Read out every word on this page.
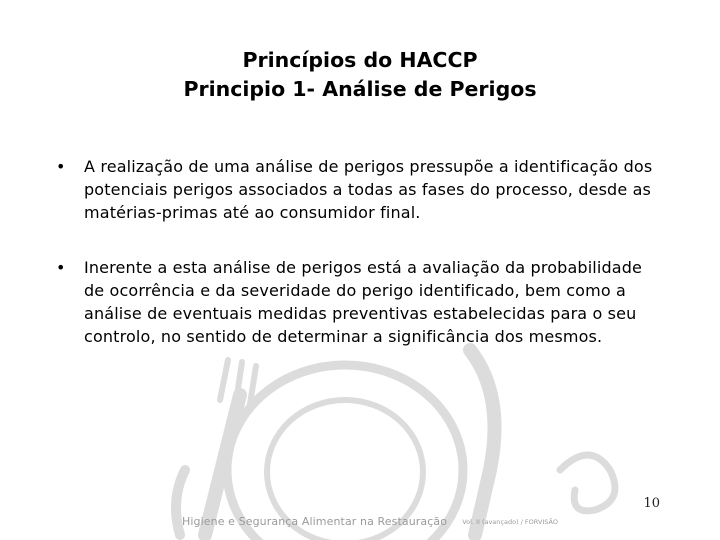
Princípios do HACCP
Principio 1- Análise de Perigos
• A realização de uma análise de perigos pressupõe a identificação dos potenciais perigos associados a todas as fases do processo, desde as matérias-primas até ao consumidor final.
• Inerente a esta análise de perigos está a avaliação da probabilidade de ocorrência e da severidade do perigo identificado, bem como a análise de eventuais medidas preventivas estabelecidas para o seu controlo, no sentido de determinar a significância dos mesmos.
10
Higiene e Segurança Alimentar na Restauração Vol. II (avançado) / FORVISÃO
